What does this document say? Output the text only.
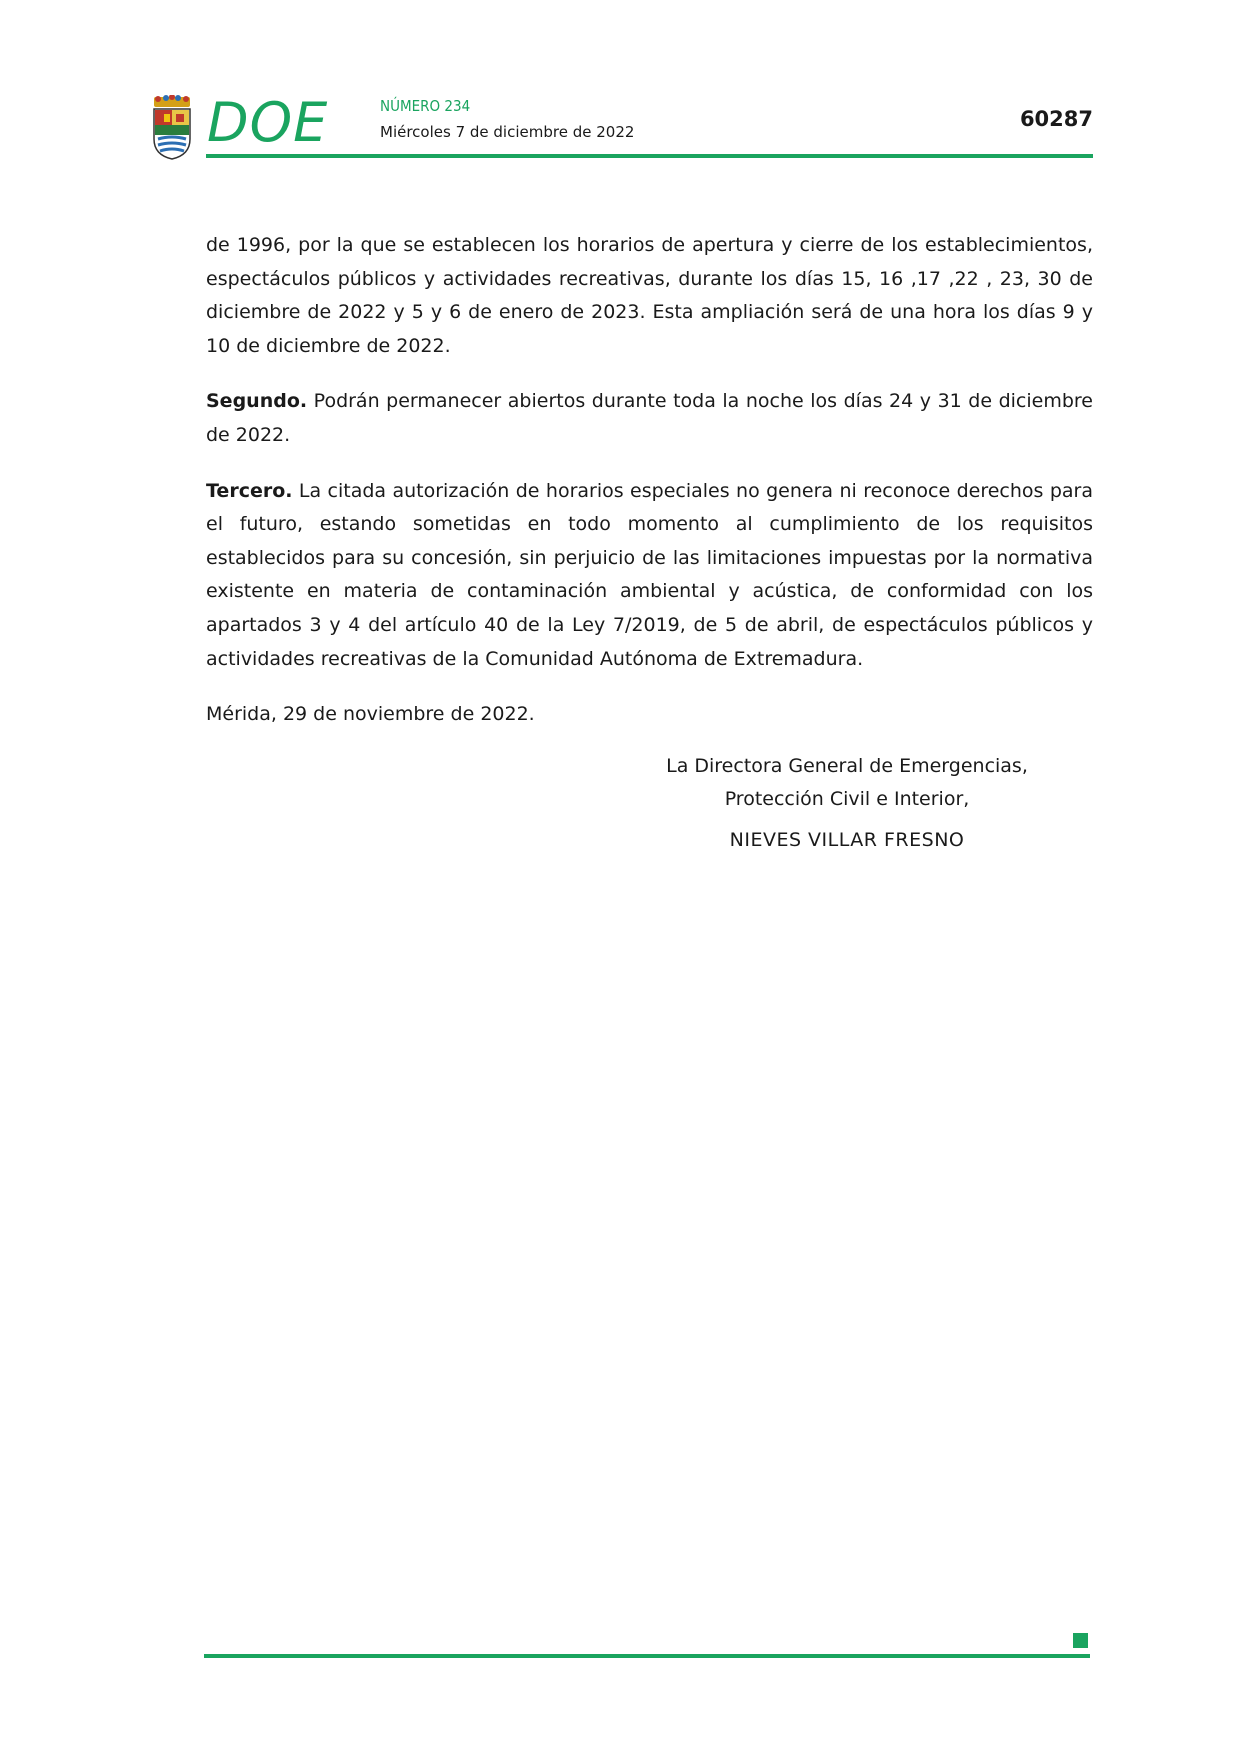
DOE	NÚMERO 234
Miércoles 7 de diciembre de 2022
60287

de 1996, por la que se establecen los horarios de apertura y cierre de los establecimientos, espectáculos públicos y actividades recreativas, durante los días 15, 16 ,17 ,22 , 23, 30 de diciembre de 2022 y 5 y 6 de enero de 2023. Esta ampliación será de una hora los días 9 y 10 de diciembre de 2022.

Segundo. Podrán permanecer abiertos durante toda la noche los días 24 y 31 de diciembre de 2022.

Tercero. La citada autorización de horarios especiales no genera ni reconoce derechos para el futuro, estando sometidas en todo momento al cumplimiento de los requisitos establecidos para su concesión, sin perjuicio de las limitaciones impuestas por la normativa existente en materia de contaminación ambiental y acústica, de conformidad con los apartados 3 y 4 del artículo 40 de la Ley 7/2019, de 5 de abril, de espectáculos públicos y actividades recreativas de la Comunidad Autónoma de Extremadura.

Mérida, 29 de noviembre de 2022.

La Directora General de Emergencias,
Protección Civil e Interior,
NIEVES VILLAR FRESNO
